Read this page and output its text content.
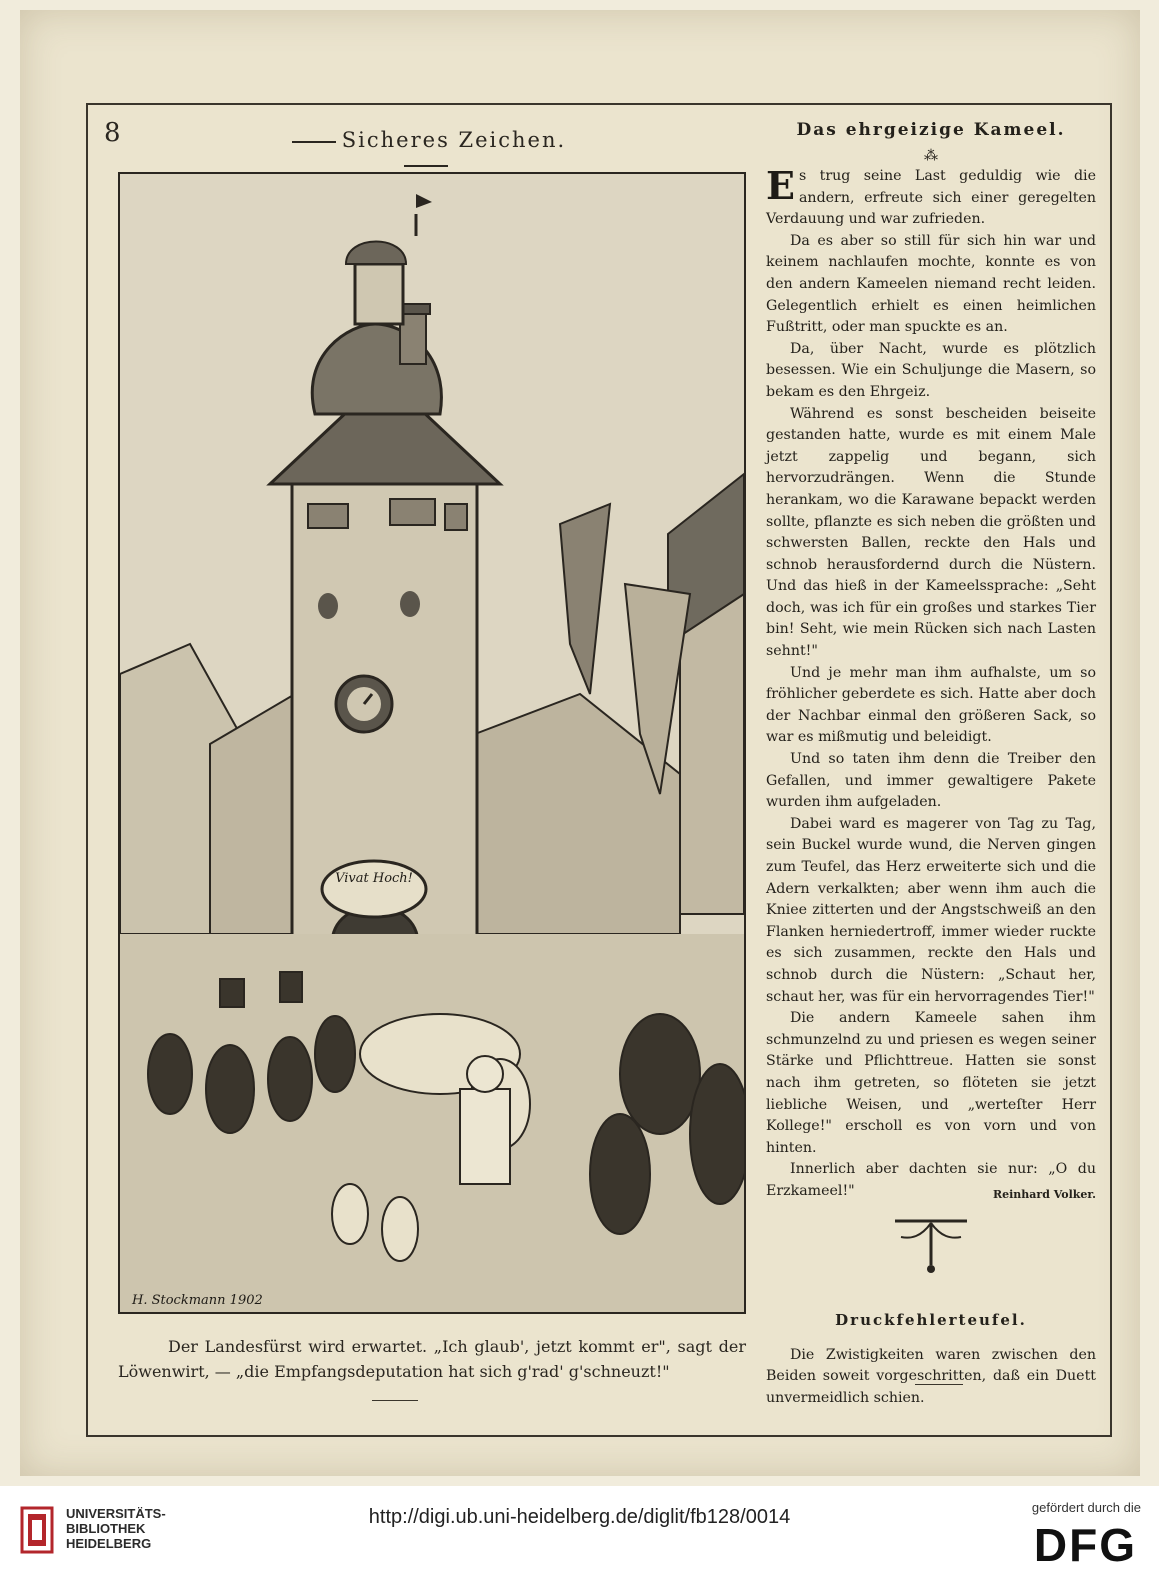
8	Sicheres Zeichen.
Vivat Hoch!
H. Stockmann 1902

Der Landesfürst wird erwartet. „Ich glaub', jetzt kommt er", sagt der Löwenwirt, — „die Empfangsdeputation hat sich g'rad' g'schneuzt!"

Das ehrgeizige Kameel.
⁂

Es trug seine Last geduldig wie die andern, erfreute sich einer geregelten Verdauung und war zufrieden.

Da es aber so still für sich hin war und keinem nachlaufen mochte, konnte es von den andern Kameelen niemand recht leiden. Gelegentlich erhielt es einen heimlichen Fußtritt, oder man spuckte es an.

Da, über Nacht, wurde es plötzlich besessen. Wie ein Schuljunge die Masern, so bekam es den Ehrgeiz.

Während es sonst bescheiden beiseite gestanden hatte, wurde es mit einem Male jetzt zappelig und begann, sich hervorzudrängen. Wenn die Stunde herankam, wo die Karawane bepackt werden sollte, pflanzte es sich neben die größten und schwersten Ballen, reckte den Hals und schnob herausfordernd durch die Nüstern. Und das hieß in der Kameelssprache: „Seht doch, was ich für ein großes und starkes Tier bin! Seht, wie mein Rücken sich nach Lasten sehnt!"

Und je mehr man ihm aufhalste, um so fröhlicher geberdete es sich. Hatte aber doch der Nachbar einmal den größeren Sack, so war es mißmutig und beleidigt.

Und so taten ihm denn die Treiber den Gefallen, und immer gewaltigere Pakete wurden ihm aufgeladen.

Dabei ward es magerer von Tag zu Tag, sein Buckel wurde wund, die Nerven gingen zum Teufel, das Herz erweiterte sich und die Adern verkalkten; aber wenn ihm auch die Kniee zitterten und der Angstschweiß an den Flanken herniedertroff, immer wieder ruckte es sich zusammen, reckte den Hals und schnob durch die Nüstern: „Schaut her, schaut her, was für ein hervorragendes Tier!"

Die andern Kameele sahen ihm schmunzelnd zu und priesen es wegen seiner Stärke und Pflichttreue. Hatten sie sonst nach ihm getreten, so flöteten sie jetzt liebliche Weisen, und „werteſter Herr Kollege!" erscholl es von vorn und von hinten.

Innerlich aber dachten sie nur: „O du Erzkameel!"	Reinhard Volker.

Druckfehlerteufel.

Die Zwistigkeiten waren zwischen den Beiden soweit vorgeschritten, daß ein Duett unvermeidlich schien.

UNIVERSITÄTS-
BIBLIOTHEK
HEIDELBERG
http://digi.ub.uni-heidelberg.de/diglit/fb128/0014	gefördert durch die
DFG
